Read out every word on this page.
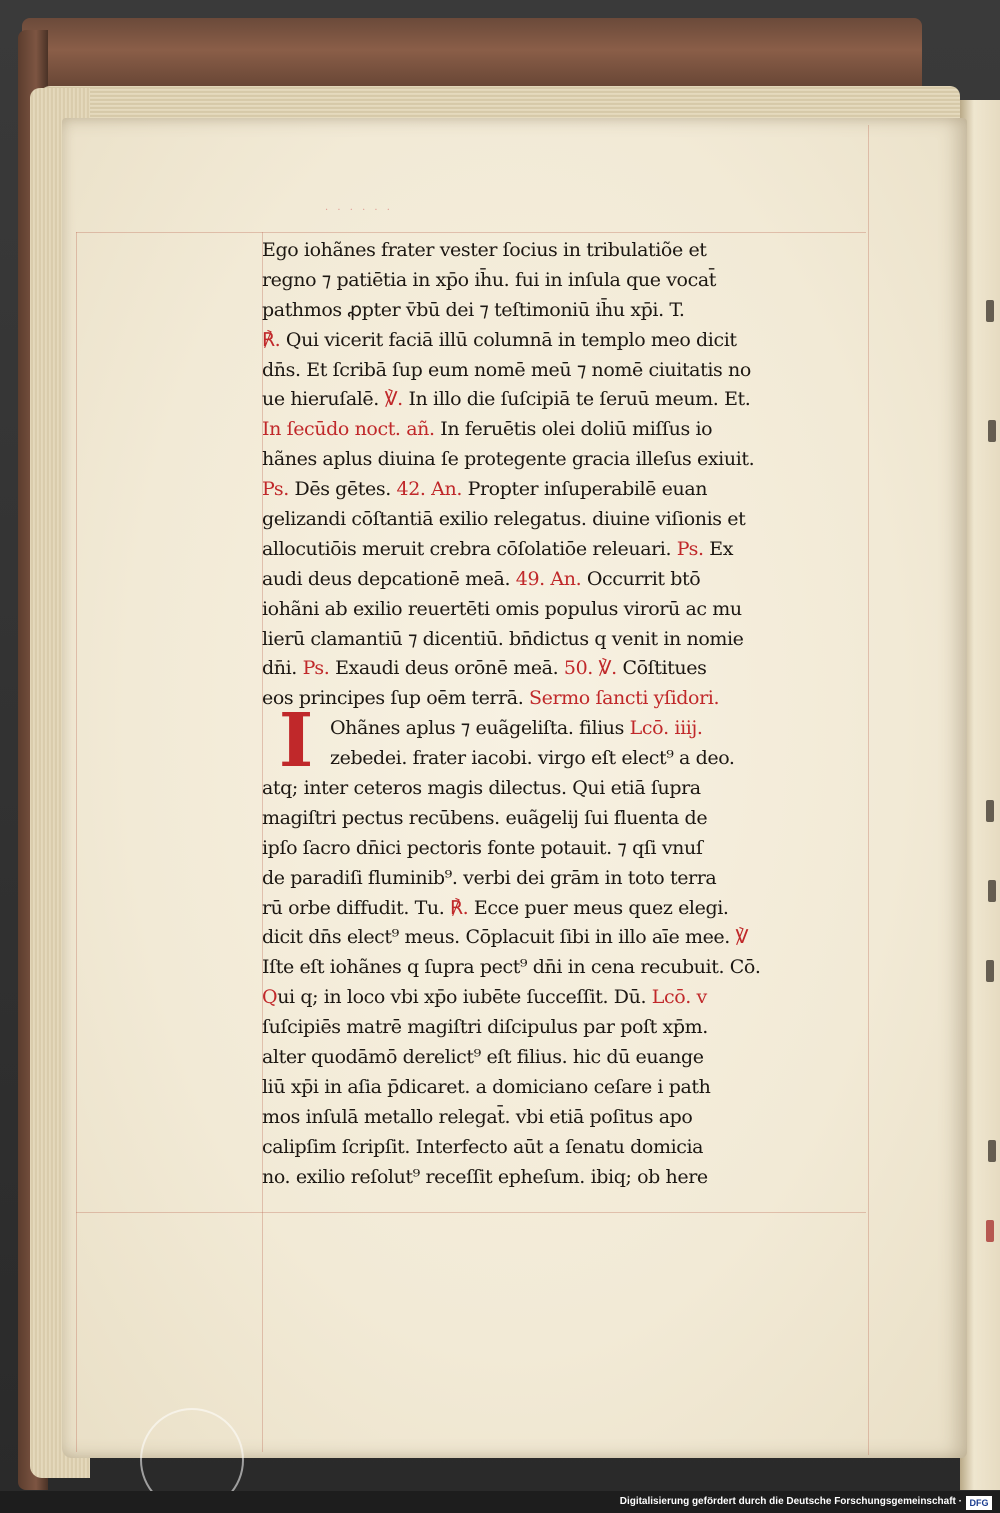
· · · · · ·
Ego iohãnes frater vester ſocius in tribulatiõe et
regno ⁊ patiētia in xp̄o ih̄u. fui in inſula que vocat̄
pathmos ꝓpter v̄bū dei ⁊ teſtimoniū ih̄u xp̄i. T.
℟. Qui vicerit faciā illū columnā in templo meo dicit
dn̄s. Et ſcribā ſup eum nomē meū ⁊ nomē ciuitatis no
ue hieruſalē. ℣. In illo die ſuſcipiā te ſeruū meum. Et.
In ſecūdo noct. añ. In feruētis olei doliū miſſus io
hãnes aplus diuina ſe protegente gracia illeſus exiuit.
Ps. Dēs gētes. 42. An. Propter inſuperabilē euan
gelizandi cōſtantiā exilio relegatus. diuine viſionis et
allocutiōis meruit crebra cōſolatiōe releuari. Ps. Ex
audi deus depcationē meā. 49. An. Occurrit btō
iohãni ab exilio reuertēti omis populus virorū ac mu
lierū clamantiū ⁊ dicentiū. bn̄dictus q venit in nomie
dn̄i. Ps. Exaudi deus orōnē meā. 50. ℣. Cōſtitues
eos principes ſup oēm terrā. Sermo ſancti yſidori.
Ohãnes aplus ⁊ euãgeliſta. filius Lcō. iiij.
zebedei. frater iacobi. virgo eſt elect⁹ a deo.
atq; inter ceteros magis dilectus. Qui etiā ſupra
magiſtri pectus recūbens. euãgelij ſui fluenta de
ipſo ſacro dn̄ici pectoris fonte potauit. ⁊ qſi vnuſ
de paradiſi fluminib⁹. verbi dei grām in toto terra
rū orbe diffudit. Tu. ℟. Ecce puer meus quez elegi.
dicit dn̄s elect⁹ meus. Cōplacuit ſibi in illo aīe mee. ℣
Iſte eſt iohãnes q ſupra pect⁹ dn̄i in cena recubuit. Cō.
Qui q; in loco vbi xp̄o iubēte ſucceſſit. Dū. Lcō. v
ſuſcipiēs matrē magiſtri diſcipulus par poſt xp̄m.
alter quodāmō derelict⁹ eſt filius. hic dū euange
liū xp̄i in aſia p̄dicaret. a domiciano ceſare i path
mos inſulā metallo relegat̄. vbi etiā poſitus apo
calipſim ſcripſit. Interfecto aūt a ſenatu domicia
no. exilio reſolut⁹ receſſit epheſum. ibiq; ob here
I
Digitalisierung gefördert durch die Deutsche Forschungsgemeinschaft · DFG
